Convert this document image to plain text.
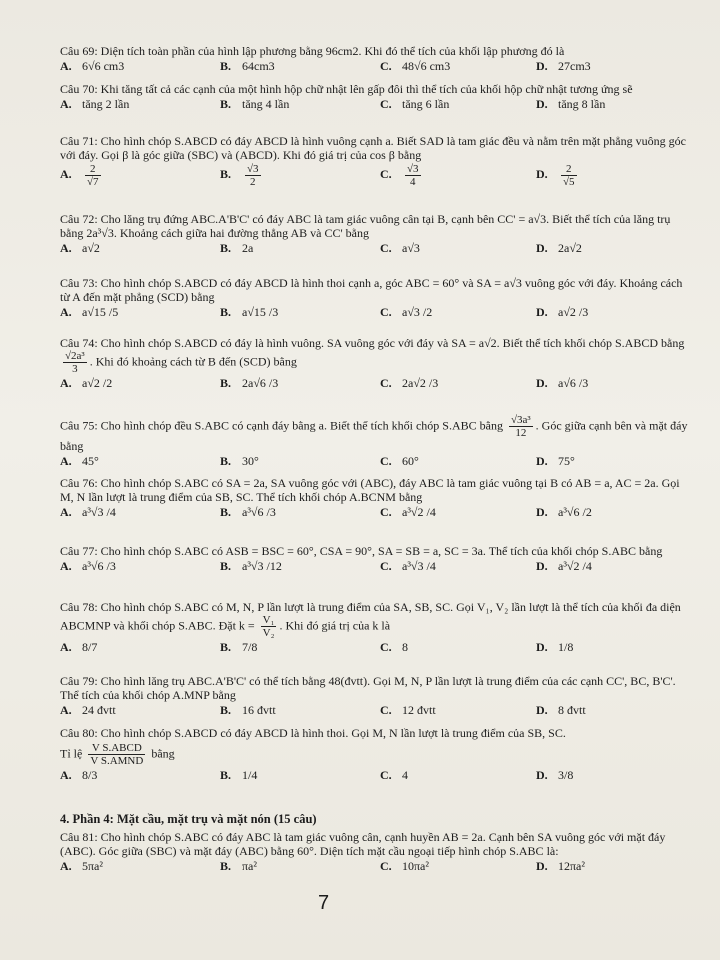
Câu 69: Diện tích toàn phần của hình lập phương bằng 96cm2. Khi đó thể tích của khối lập phương đó là

A. 6√6 cm3	B. 64cm3	C. 48√6 cm3	D. 27cm3

Câu 70: Khi tăng tất cả các cạnh của một hình hộp chữ nhật lên gấp đôi thì thể tích của khối hộp chữ nhật tương ứng sẽ

A. tăng 2 lần	B. tăng 4 lần	C. tăng 6 lần	D. tăng 8 lần

Câu 71: Cho hình chóp S.ABCD có đáy ABCD là hình vuông cạnh a. Biết SAD là tam giác đều và nằm trên mặt phẳng vuông góc với đáy. Gọi β là góc giữa (SBC) và (ABCD). Khi đó giá trị của cos β bằng

A. $\frac{2}{√7}$	B. $\frac{√3}{2}$	C. $\frac{√3}{4}$	D. $\frac{2}{√5}$

Câu 72: Cho lăng trụ đứng ABC.A'B'C' có đáy ABC là tam giác vuông cân tại B, cạnh bên CC' = a√3. Biết thể tích của lăng trụ bằng 2a³√3. Khoảng cách giữa hai đường thẳng AB và CC' bằng

A. a√2	B. 2a	C. a√3	D. 2a√2

Câu 73: Cho hình chóp S.ABCD có đáy ABCD là hình thoi cạnh a, góc ABC = 60° và SA = a√3 vuông góc với đáy. Khoảng cách từ A đến mặt phẳng (SCD) bằng

A. a√15 /5	B. a√15 /3	C. a√3 /2	D. a√2 /3

Câu 74: Cho hình chóp S.ABCD có đáy là hình vuông. SA vuông góc với đáy và SA = a√2. Biết thể tích khối chóp S.ABCD bằng
$\frac{\text{√2a³}}{3}$ . Khi đó khoảng cách từ B đến (SCD) bằng

A. a√2 /2	B. 2a√6 /3	C. 2a√2 /3	D. a√6 /3

Câu 75: Cho hình chóp đều S.ABC có cạnh đáy bằng a. Biết thể tích khối chóp S.ABC bằng $\frac{\text{√3a³}}{12}$ . Góc giữa cạnh bên và mặt đáy bằng

A. 45°	B. 30°	C. 60°	D. 75°

Câu 76: Cho hình chóp S.ABC có SA = 2a, SA vuông góc với (ABC), đáy ABC là tam giác vuông tại B có AB = a, AC = 2a. Gọi M, N lần lượt là trung điểm của SB, SC. Thể tích khối chóp A.BCNM bằng

A. a³√3 /4	B. a³√6 /3	C. a³√2 /4	D. a³√6 /2

Câu 77: Cho hình chóp S.ABC có ASB = BSC = 60°, CSA = 90°, SA = SB = a, SC = 3a. Thể tích của khối chóp S.ABC bằng

A. a³√6 /3	B. a³√3 /12	C. a³√3 /4	D. a³√2 /4

Câu 78: Cho hình chóp S.ABC có M, N, P lần lượt là trung điểm của SA, SB, SC. Gọi V₁, V₂ lần lượt là thể tích của khối đa diện ABCMNP và khối chóp S.ABC. Đặt $k = \frac{\text{V₁}}{\text{V₂}}$ . Khi đó giá trị của k là

A. 8/7	B. 7/8	C. 8	D. 1/8

Câu 79: Cho hình lăng trụ ABC.A'B'C' có thể tích bằng 48(đvtt). Gọi M, N, P lần lượt là trung điểm của các cạnh CC', BC, B'C'. Thể tích của khối chóp A.MNP bằng

A. 24 đvtt	B. 16 đvtt	C. 12 đvtt	D. 8 đvtt

Câu 80: Cho hình chóp S.ABCD có đáy ABCD là hình thoi. Gọi M, N lần lượt là trung điểm của SB, SC.

Tỉ lệ $\frac{\text{V S.ABCD}}{\text{V S.AMND}}$ bằng

A. 8/3	B. 1/4	C. 4	D. 3/8
4. Phần 4: Mặt cầu, mặt trụ và mặt nón (15 câu)

Câu 81: Cho hình chóp S.ABC có đáy ABC là tam giác vuông cân, cạnh huyền AB = 2a. Cạnh bên SA vuông góc với mặt đáy (ABC). Góc giữa (SBC) và mặt đáy (ABC) bằng 60°. Diện tích mặt cầu ngoại tiếp hình chóp S.ABC là:

A. 5πa²	B. πa²	C. 10πa²	D. 12πa²
7
